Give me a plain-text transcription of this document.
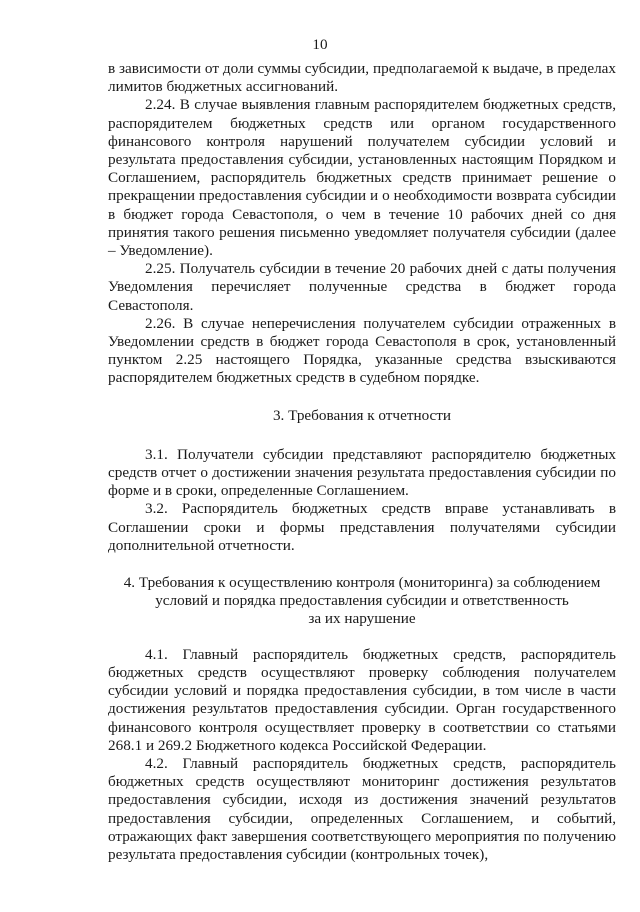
10

в зависимости от доли суммы субсидии, предполагаемой к выдаче, в пределах лимитов бюджетных ассигнований.

2.24. В случае выявления главным распорядителем бюджетных средств, распорядителем бюджетных средств или органом государственного финансового контроля нарушений получателем субсидии условий и результата предоставления субсидии, установленных настоящим Порядком и Соглашением, распорядитель бюджетных средств принимает решение о прекращении предоставления субсидии и о необходимости возврата субсидии в бюджет города Севастополя, о чем в течение 10 рабочих дней со дня принятия такого решения письменно уведомляет получателя субсидии (далее – Уведомление).

2.25. Получатель субсидии в течение 20 рабочих дней с даты получения Уведомления перечисляет полученные средства в бюджет города Севастополя.

2.26. В случае неперечисления получателем субсидии отраженных в Уведомлении средств в бюджет города Севастополя в срок, установленный пунктом 2.25 настоящего Порядка, указанные средства взыскиваются распорядителем бюджетных средств в судебном порядке.

3. Требования к отчетности

3.1. Получатели субсидии представляют распорядителю бюджетных средств отчет о достижении значения результата предоставления субсидии по форме и в сроки, определенные Соглашением.

3.2. Распорядитель бюджетных средств вправе устанавливать в Соглашении сроки и формы представления получателями субсидии дополнительной отчетности.

4. Требования к осуществлению контроля (мониторинга) за соблюдением

условий и порядка предоставления субсидии и ответственность

за их нарушение

4.1. Главный распорядитель бюджетных средств, распорядитель бюджетных средств осуществляют проверку соблюдения получателем субсидии условий и порядка предоставления субсидии, в том числе в части достижения результатов предоставления субсидии. Орган государственного финансового контроля осуществляет проверку в соответствии со статьями 268.1 и 269.2 Бюджетного кодекса Российской Федерации.

4.2. Главный распорядитель бюджетных средств, распорядитель бюджетных средств осуществляют мониторинг достижения результатов предоставления субсидии, исходя из достижения значений результатов предоставления субсидии, определенных Соглашением, и событий, отражающих факт завершения соответствующего мероприятия по получению результата предоставления субсидии (контрольных точек),
